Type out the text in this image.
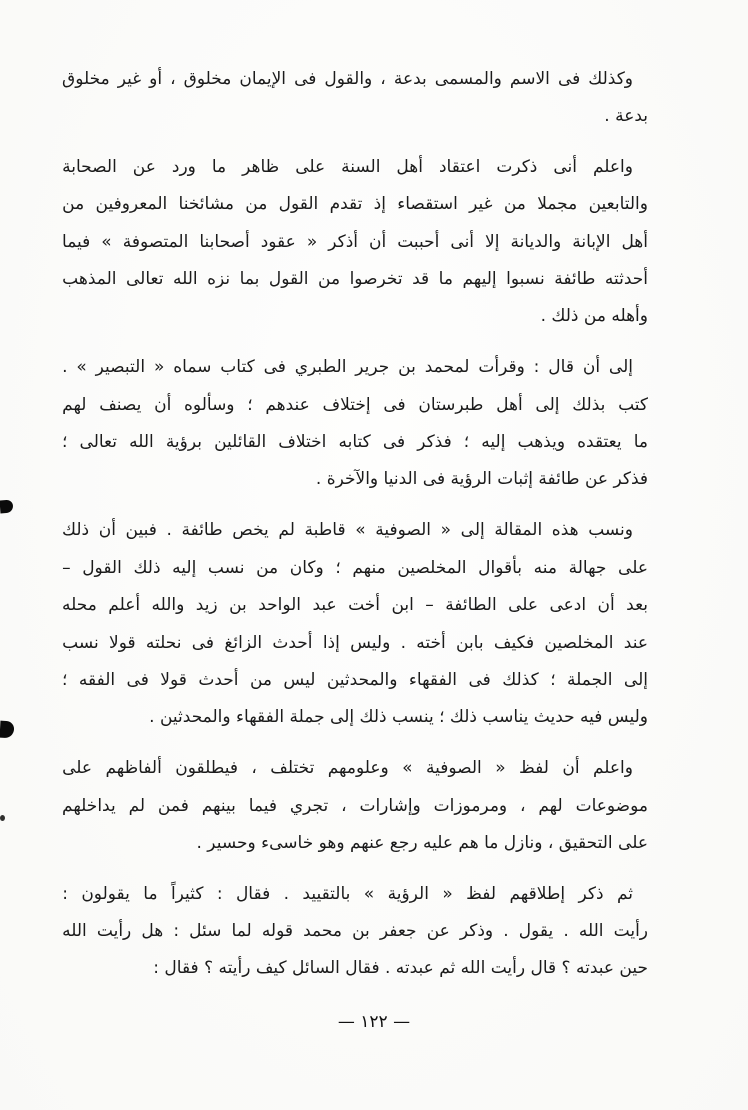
وكذلك
فى
الاسم
والمسمى
بدعة
،
والقول
فى
الإيمان
مخلوق
،
أو
غير
مخلوق
بدعة .
واعلم
أنى
ذكرت
اعتقاد
أهل
السنة
على
ظاهر
ما
ورد
عن
الصحابة
والتابعين
مجملا
من
غير
استقصاء
إذ
تقدم
القول
من
مشائخنا
المعروفين
من
أهل
الإبانة
والديانة
إلا
أنى
أحببت
أن
أذكر
«
عقود
أصحابنا
المتصوفة
»
فيما
أحدثته
طائفة
نسبوا
إليهم
ما
قد
تخرصوا
من
القول
بما
نزه
الله
تعالى
المذهب
وأهله من ذلك .
إلى
أن
قال
:
وقرأت
لمحمد
بن
جرير
الطبري
فى
كتاب
سماه
«
التبصير
»
.
كتب
بذلك
إلى
أهل
طبرستان
فى
إختلاف
عندهم
؛
وسألوه
أن
يصنف
لهم
ما
يعتقده
ويذهب
إليه
؛
فذكر
فى
كتابه
اختلاف
القائلين
برؤية
الله
تعالى
؛
فذكر عن طائفة إثبات الرؤية فى الدنيا والآخرة .
ونسب
هذه
المقالة
إلى
«
الصوفية
»
قاطبة
لم
يخص
طائفة
.
فبين
أن
ذلك
على
جهالة
منه
بأقوال
المخلصين
منهم
؛
وكان
من
نسب
إليه
ذلك
القول
–
بعد
أن
ادعى
على
الطائفة
–
ابن
أخت
عبد
الواحد
بن
زيد
والله
أعلم
محله
عند
المخلصين
فكيف
بابن
أخته
.
وليس
إذا
أحدث
الزائغ
فى
نحلته
قولا
نسب
إلى
الجملة
؛
كذلك
فى
الفقهاء
والمحدثين
ليس
من
أحدث
قولا
فى
الفقه
؛
وليس فيه حديث يناسب ذلك ؛ ينسب ذلك إلى جملة الفقهاء والمحدثين .
واعلم
أن
لفظ
«
الصوفية
»
وعلومهم
تختلف
،
فيطلقون
ألفاظهم
على
موضوعات
لهم
،
ومرموزات
وإشارات
،
تجري
فيما
بينهم
فمن
لم
يداخلهم
على التحقيق ، ونازل ما هم عليه رجع عنهم وهو خاسىء وحسير .
ثم
ذكر
إطلاقهم
لفظ
«
الرؤية
»
بالتقييد
.
فقال
:
كثيراً
ما
يقولون
:
رأيت
الله
.
يقول
.
وذكر
عن
جعفر
بن
محمد
قوله
لما
سئل
:
هل
رأيت
الله
حين عبدته ؟ قال رأيت الله ثم عبدته . فقال السائل كيف رأيته ؟ فقال :
— ١٢٢ —
